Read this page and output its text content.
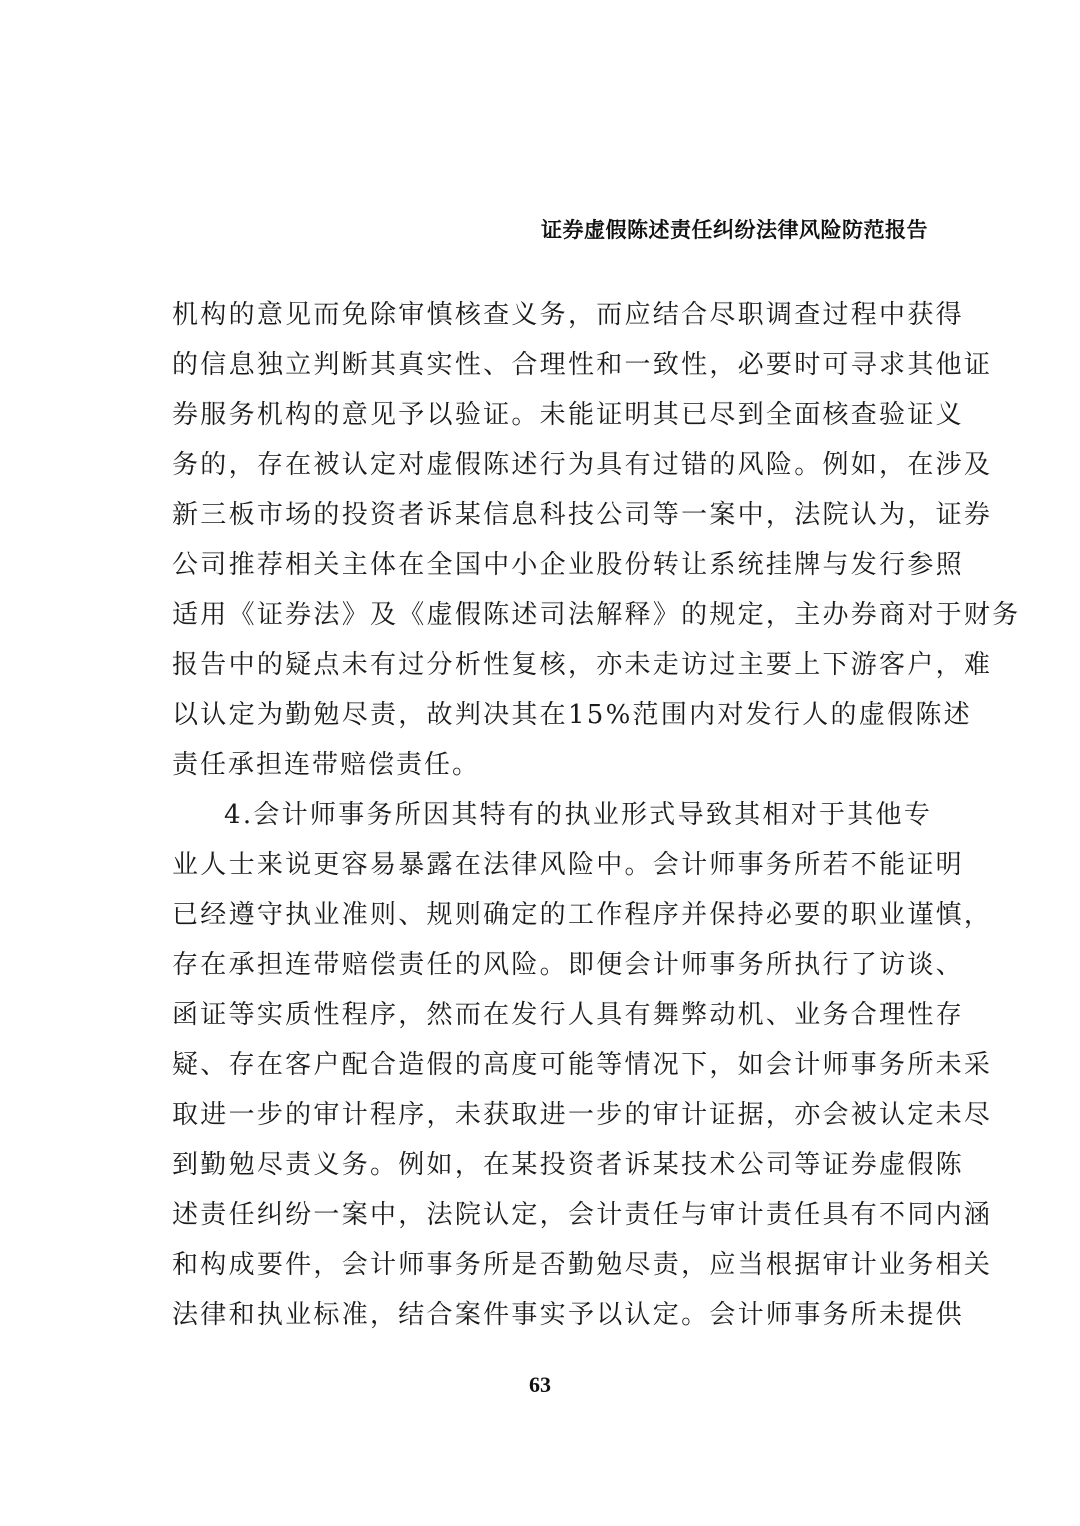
证券虚假陈述责任纠纷法律风险防范报告
机 构 的 意 见 而 免 除 审 慎 核 查 义 务 ， 而 应 结 合 尽 职 调 查 过 程 中 获 得
的 信 息 独 立 判 断 其 真 实 性 、 合 理 性 和 一 致 性 ， 必 要 时 可 寻 求 其 他 证
券 服 务 机 构 的 意 见 予 以 验 证 。 未 能 证 明 其 已 尽 到 全 面 核 查 验 证 义
务 的 ， 存 在 被 认 定 对 虚 假 陈 述 行 为 具 有 过 错 的 风 险 。 例 如 ， 在 涉 及
新 三 板 市 场 的 投 资 者 诉 某 信 息 科 技 公 司 等 一 案 中 ， 法 院 认 为 ， 证 券
公 司 推 荐 相 关 主 体 在 全 国 中 小 企 业 股 份 转 让 系 统 挂 牌 与 发 行 参 照
适 用 《 证 券 法 》 及 《 虚 假 陈 述 司 法 解 释 》 的 规 定 ， 主 办 券 商 对 于 财 务
报 告 中 的 疑 点 未 有 过 分 析 性 复 核 ， 亦 未 走 访 过 主 要 上 下 游 客 户 ， 难
以 认 定 为 勤 勉 尽 责 ， 故 判 决 其 在 1 5 % 范 围 内 对 发 行 人 的 虚 假 陈 述
责任承担连带赔偿责任。
4 . 会 计 师 事 务 所 因 其 特 有 的 执 业 形 式 导 致 其 相 对 于 其 他 专
业 人 士 来 说 更 容 易 暴 露 在 法 律 风 险 中 。 会 计 师 事 务 所 若 不 能 证 明
已 经 遵 守 执 业 准 则 、 规 则 确 定 的 工 作 程 序 并 保 持 必 要 的 职 业 谨 慎 ，
存 在 承 担 连 带 赔 偿 责 任 的 风 险 。 即 便 会 计 师 事 务 所 执 行 了 访 谈 、
函 证 等 实 质 性 程 序 ， 然 而 在 发 行 人 具 有 舞 弊 动 机 、 业 务 合 理 性 存
疑 、 存 在 客 户 配 合 造 假 的 高 度 可 能 等 情 况 下 ， 如 会 计 师 事 务 所 未 采
取 进 一 步 的 审 计 程 序 ， 未 获 取 进 一 步 的 审 计 证 据 ， 亦 会 被 认 定 未 尽
到 勤 勉 尽 责 义 务 。 例 如 ， 在 某 投 资 者 诉 某 技 术 公 司 等 证 券 虚 假 陈
述 责 任 纠 纷 一 案 中 ， 法 院 认 定 ， 会 计 责 任 与 审 计 责 任 具 有 不 同 内 涵
和 构 成 要 件 ， 会 计 师 事 务 所 是 否 勤 勉 尽 责 ， 应 当 根 据 审 计 业 务 相 关
法 律 和 执 业 标 准 ， 结 合 案 件 事 实 予 以 认 定 。 会 计 师 事 务 所 未 提 供
63
